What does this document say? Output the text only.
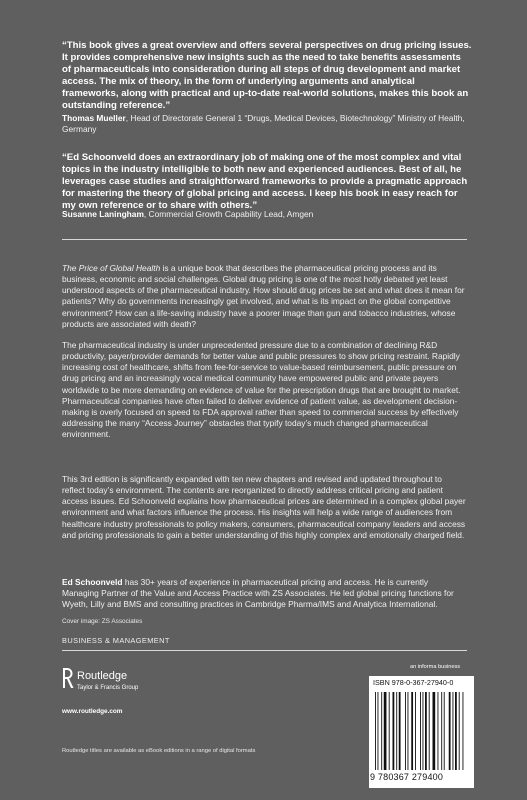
“This book gives a great overview and offers several perspectives on drug pricing issues. It provides comprehensive new insights such as the need to take benefits assessments of pharmaceuticals into consideration during all steps of drug development and market access. The mix of theory, in the form of underlying arguments and analytical frameworks, along with practical and up-to-date real-world solutions, makes this book an outstanding reference.”
Thomas Mueller, Head of Directorate General 1 “Drugs, Medical Devices, Biotechnology” Ministry of Health, Germany
“Ed Schoonveld does an extraordinary job of making one of the most complex and vital topics in the industry intelligible to both new and experienced audiences. Best of all, he leverages case studies and straightforward frameworks to provide a pragmatic approach for mastering the theory of global pricing and access. I keep his book in easy reach for my own reference or to share with others.”
Susanne Laningham, Commercial Growth Capability Lead, Amgen
The Price of Global Health is a unique book that describes the pharmaceutical pricing process and its business, economic and social challenges. Global drug pricing is one of the most hotly debated yet least understood aspects of the pharmaceutical industry. How should drug prices be set and what does it mean for patients? Why do governments increasingly get involved, and what is its impact on the global competitive environment? How can a life-saving industry have a poorer image than gun and tobacco industries, whose products are associated with death?
The pharmaceutical industry is under unprecedented pressure due to a combination of declining R&D productivity, payer/provider demands for better value and public pressures to show pricing restraint. Rapidly increasing cost of healthcare, shifts from fee-for-service to value-based reimbursement, public pressure on drug pricing and an increasingly vocal medical community have empowered public and private payers worldwide to be more demanding on evidence of value for the prescription drugs that are brought to market. Pharmaceutical companies have often failed to deliver evidence of patient value, as development decision-making is overly focused on speed to FDA approval rather than speed to commercial success by effectively addressing the many “Access Journey” obstacles that typify today’s much changed pharmaceutical environment.
This 3rd edition is significantly expanded with ten new chapters and revised and updated throughout to reflect today’s environment. The contents are reorganized to directly address critical pricing and patient access issues. Ed Schoonveld explains how pharmaceutical prices are determined in a complex global payer environment and what factors influence the process. His insights will help a wide range of audiences from healthcare industry professionals to policy makers, consumers, pharmaceutical company leaders and access and pricing professionals to gain a better understanding of this highly complex and emotionally charged field.
Ed Schoonveld has 30+ years of experience in pharmaceutical pricing and access. He is currently Managing Partner of the Value and Access Practice with ZS Associates. He led global pricing functions for Wyeth, Lilly and BMS and consulting practices in Cambridge Pharma/IMS and Analytica International.
Cover image: ZS Associates
BUSINESS & MANAGEMENT
Routledge
Taylor & Francis Group
www.routledge.com
an informa business
ISBN 978-0-367-27940-0
9 780367 279400
Routledge titles are available as eBook editions in a range of digital formats
